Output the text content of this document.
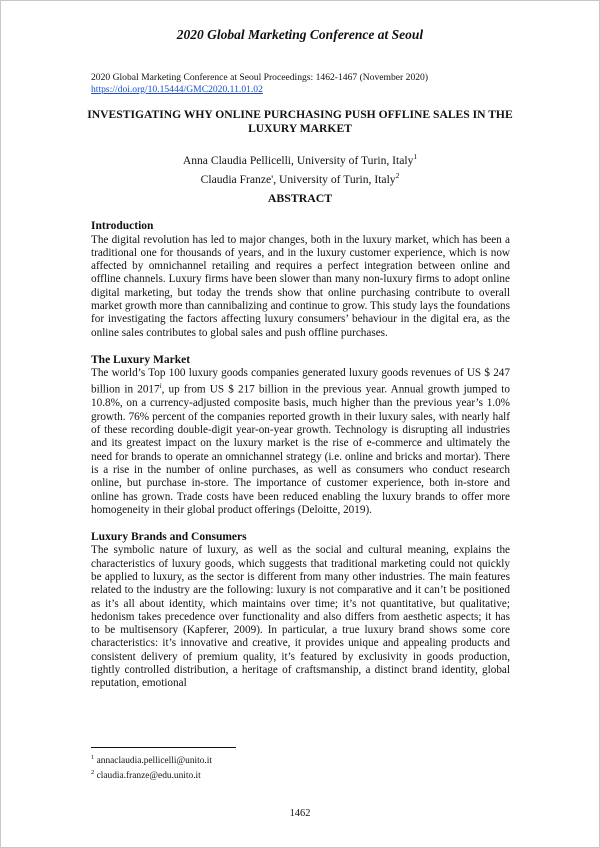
2020 Global Marketing Conference at Seoul
2020 Global Marketing Conference at Seoul Proceedings: 1462-1467 (November 2020)
https://doi.org/10.15444/GMC2020.11.01.02
INVESTIGATING WHY ONLINE PURCHASING PUSH OFFLINE SALES IN THE LUXURY MARKET
Anna Claudia Pellicelli, University of Turin, Italy$^1$
Claudia Franze', University of Turin, Italy$^2$
ABSTRACT
Introduction

The digital revolution has led to major changes, both in the luxury market, which has been a traditional one for thousands of years, and in the luxury customer experience, which is now affected by omnichannel retailing and requires a perfect integration between online and offline channels. Luxury firms have been slower than many non-luxury firms to adopt online digital marketing, but today the trends show that online purchasing contribute to overall market growth more than cannibalizing and continue to grow. This study lays the foundations for investigating the factors affecting luxury consumers’ behaviour in the digital era, as the online sales contributes to global sales and push offline purchases.

The Luxury Market

The world’s Top 100 luxury goods companies generated luxury goods revenues of US $ 247 billion in 2017$^i$, up from US $ 217 billion in the previous year. Annual growth jumped to 10.8%, on a currency-adjusted composite basis, much higher than the previous year’s 1.0% growth. 76% percent of the companies reported growth in their luxury sales, with nearly half of these recording double-digit year-on-year growth. Technology is disrupting all industries and its greatest impact on the luxury market is the rise of e-commerce and ultimately the need for brands to operate an omnichannel strategy (i.e. online and bricks and mortar). There is a rise in the number of online purchases, as well as consumers who conduct research online, but purchase in-store. The importance of customer experience, both in-store and online has grown. Trade costs have been reduced enabling the luxury brands to offer more homogeneity in their global product offerings (Deloitte, 2019).

Luxury Brands and Consumers

The symbolic nature of luxury, as well as the social and cultural meaning, explains the characteristics of luxury goods, which suggests that traditional marketing could not quickly be applied to luxury, as the sector is different from many other industries. The main features related to the industry are the following: luxury is not comparative and it can’t be positioned as it’s all about identity, which maintains over time; it’s not quantitative, but qualitative; hedonism takes precedence over functionality and also differs from aesthetic aspects; it has to be multisensory (Kapferer, 2009). In particular, a true luxury brand shows some core characteristics: it’s innovative and creative, it provides unique and appealing products and consistent delivery of premium quality, it’s featured by exclusivity in goods production, tightly controlled distribution, a heritage of craftsmanship, a distinct brand identity, global reputation, emotional

$^1$ annaclaudia.pellicelli@unito.it
$^2$ claudia.franze@edu.unito.it
1462
